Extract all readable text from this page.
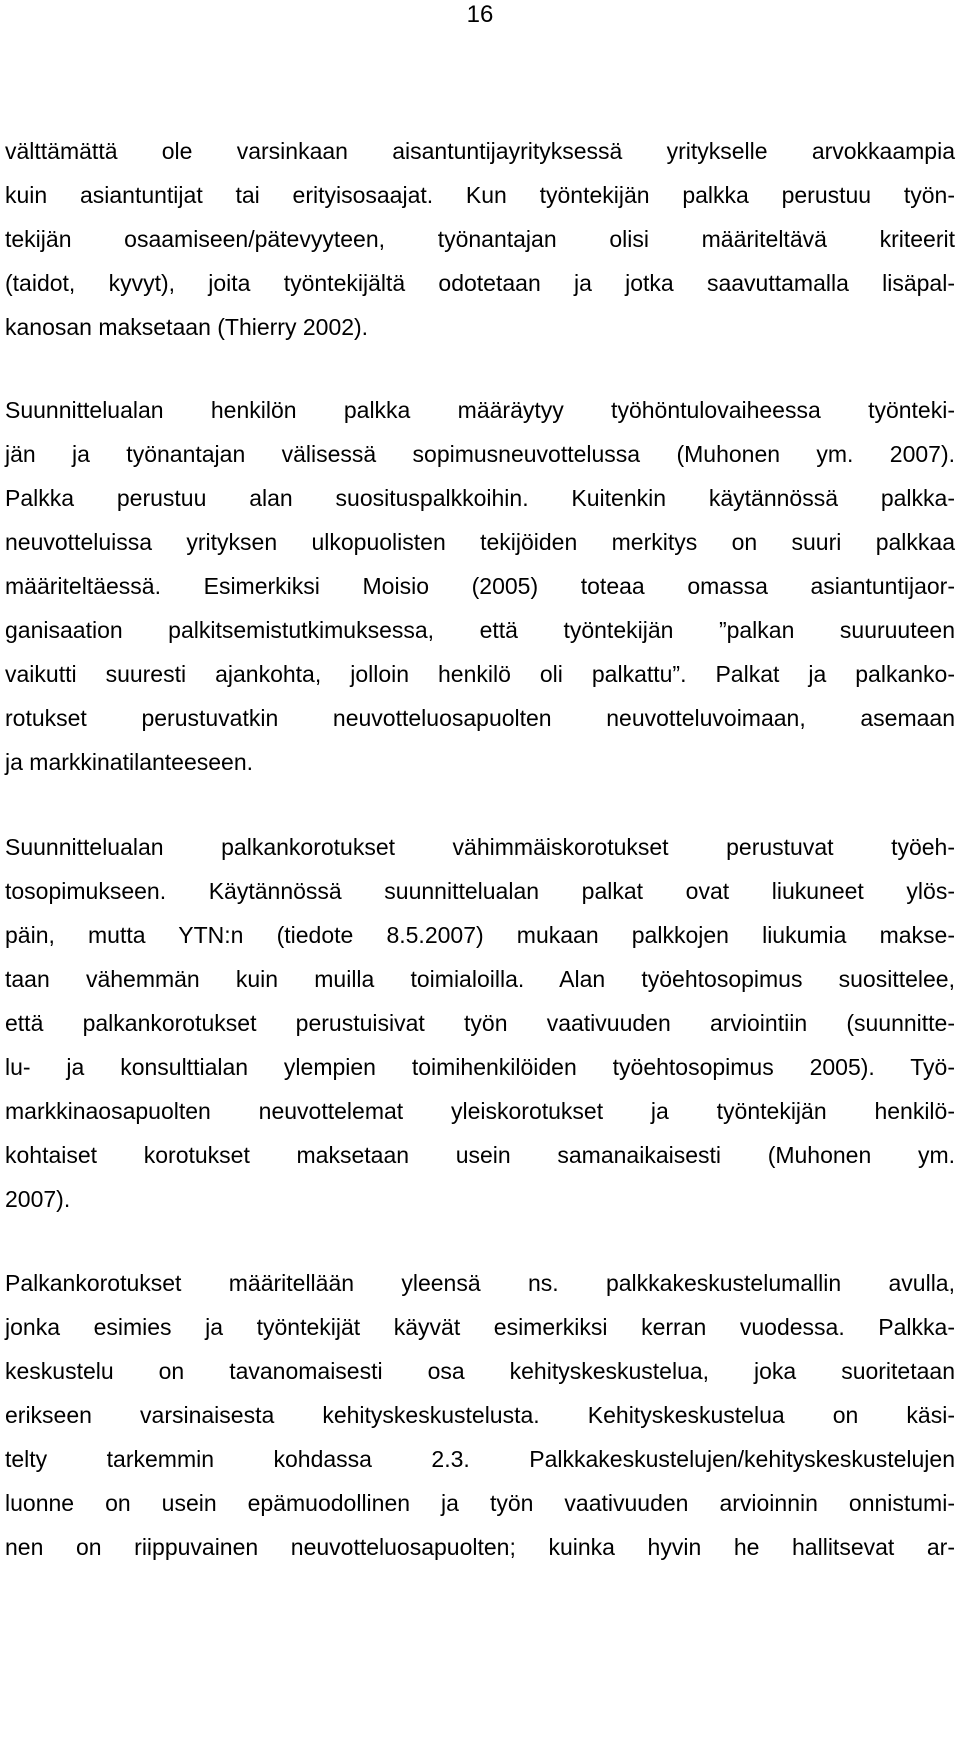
16
välttämättä ole varsinkaan aisantuntijayrityksessä yritykselle arvokkaampia
kuin asiantuntijat tai erityisosaajat. Kun työntekijän palkka perustuu työn-
tekijän osaamiseen/pätevyyteen, työnantajan olisi määriteltävä kriteerit
(taidot, kyvyt), joita työntekijältä odotetaan ja jotka saavuttamalla lisäpal-
kanosan maksetaan (Thierry 2002).
Suunnittelualan henkilön palkka määräytyy työhöntulovaiheessa työnteki-
jän ja työnantajan välisessä sopimusneuvottelussa (Muhonen ym. 2007).
Palkka perustuu alan suosituspalkkoihin. Kuitenkin käytännössä palkka-
neuvotteluissa yrityksen ulkopuolisten tekijöiden merkitys on suuri palkkaa
määriteltäessä. Esimerkiksi Moisio (2005) toteaa omassa asiantuntijaor-
ganisaation palkitsemistutkimuksessa, että työntekijän ”palkan suuruuteen
vaikutti suuresti ajankohta, jolloin henkilö oli palkattu”. Palkat ja palkanko-
rotukset perustuvatkin neuvotteluosapuolten neuvotteluvoimaan, asemaan
ja markkinatilanteeseen.
Suunnittelualan palkankorotukset vähimmäiskorotukset perustuvat työeh-
tosopimukseen. Käytännössä suunnittelualan palkat ovat liukuneet ylös-
päin, mutta YTN:n (tiedote 8.5.2007) mukaan palkkojen liukumia makse-
taan vähemmän kuin muilla toimialoilla. Alan työehtosopimus suosittelee,
että palkankorotukset perustuisivat työn vaativuuden arviointiin (suunnitte-
lu- ja konsulttialan ylempien toimihenkilöiden työehtosopimus 2005). Työ-
markkinaosapuolten neuvottelemat yleiskorotukset ja työntekijän henkilö-
kohtaiset korotukset maksetaan usein samanaikaisesti (Muhonen ym.
2007).
Palkankorotukset määritellään yleensä ns. palkkakeskustelumallin avulla,
jonka esimies ja työntekijät käyvät esimerkiksi kerran vuodessa. Palkka-
keskustelu on tavanomaisesti osa kehityskeskustelua, joka suoritetaan
erikseen varsinaisesta kehityskeskustelusta. Kehityskeskustelua on käsi-
telty tarkemmin kohdassa 2.3. Palkkakeskustelujen/kehityskeskustelujen
luonne on usein epämuodollinen ja työn vaativuuden arvioinnin onnistumi-
nen on riippuvainen neuvotteluosapuolten; kuinka hyvin he hallitsevat ar-
